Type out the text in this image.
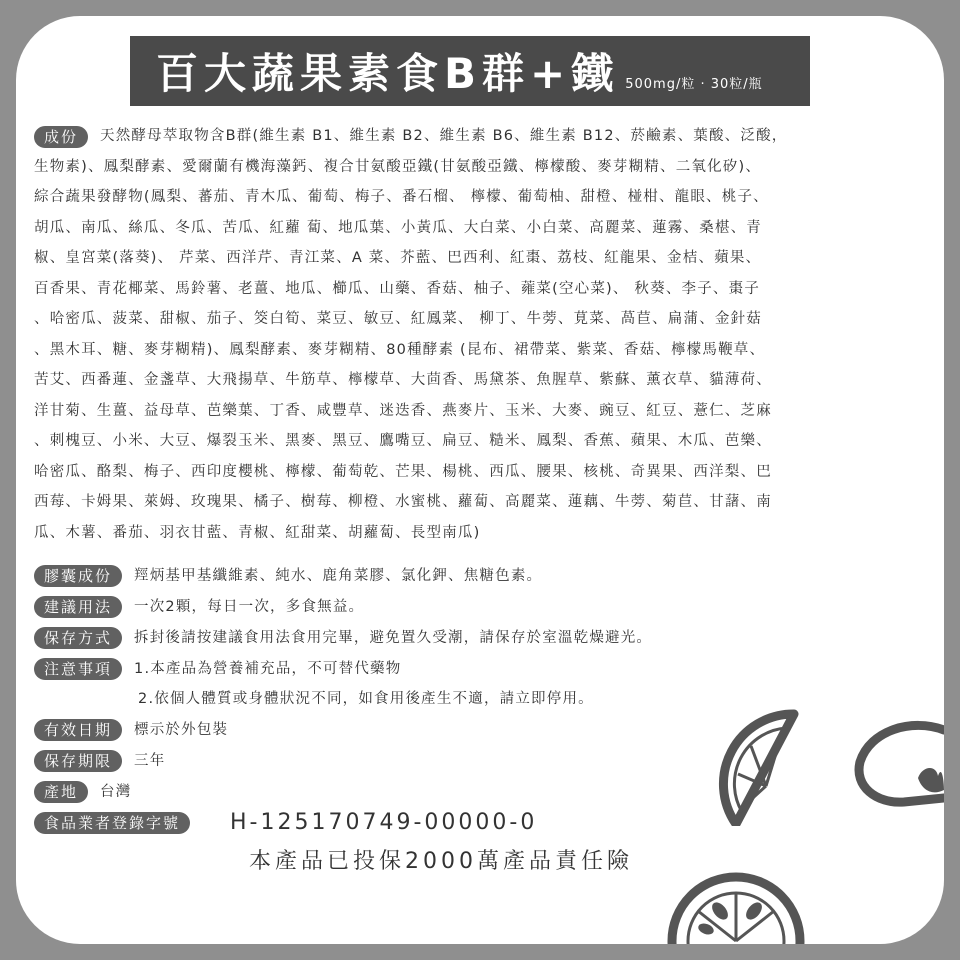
百大蔬果素食B群+鐵 500mg/粒 · 30粒/瓶
成份	天然酵母萃取物含B群(維生素 B1、維生素 B2、維生素 B6、維生素 B12、菸鹼素、葉酸、泛酸，
生物素)、鳳梨酵素、愛爾蘭有機海藻鈣、複合甘氨酸亞鐵(甘氨酸亞鐵、檸檬酸、麥芽糊精、二氧化矽)、
綜合蔬果發酵物(鳳梨、蕃茄、青木瓜、葡萄、梅子、番石榴、 檸檬、葡萄柚、甜橙、椪柑、龍眼、桃子、
胡瓜、南瓜、絲瓜、冬瓜、苦瓜、紅蘿 蔔、地瓜葉、小黃瓜、大白菜、小白菜、高麗菜、蓮霧、桑椹、青
椒、皇宮菜(落葵)、 芹菜、西洋芹、青江菜、A 菜、芥藍、巴西利、紅棗、荔枝、紅龍果、金桔、蘋果、
百香果、青花椰菜、馬鈴薯、老薑、地瓜、櫛瓜、山藥、香菇、柚子、蕹菜(空心菜)、 秋葵、李子、棗子
、哈密瓜、菠菜、甜椒、茄子、筊白筍、菜豆、敏豆、紅鳳菜、 柳丁、牛蒡、莧菜、萵苣、扁蒲、金針菇
、黑木耳、糖、麥芽糊精)、鳳梨酵素、麥芽糊精、80種酵素 (昆布、裙帶菜、紫菜、香菇、檸檬馬鞭草、
苦艾、西番蓮、金盞草、大飛揚草、牛筋草、檸檬草、大茴香、馬黛茶、魚腥草、紫蘇、薰衣草、貓薄荷、
洋甘菊、生薑、益母草、芭樂葉、丁香、咸豐草、迷迭香、燕麥片、玉米、大麥、豌豆、紅豆、薏仁、芝麻
、刺槐豆、小米、大豆、爆裂玉米、黑麥、黑豆、鷹嘴豆、扁豆、糙米、鳳梨、香蕉、蘋果、木瓜、芭樂、
哈密瓜、酪梨、梅子、西印度櫻桃、檸檬、葡萄乾、芒果、楊桃、西瓜、腰果、核桃、奇異果、西洋梨、巴
西莓、卡姆果、萊姆、玫瑰果、橘子、樹莓、柳橙、水蜜桃、蘿蔔、高麗菜、蓮藕、牛蒡、菊苣、甘藷、南
瓜、木薯、番茄、羽衣甘藍、青椒、紅甜菜、胡蘿蔔、長型南瓜)
膠囊成份	羥炳基甲基纖維素、純水、鹿角菜膠、氯化鉀、焦糖色素。
建議用法	一次2顆，每日一次，多食無益。
保存方式	拆封後請按建議食用法食用完畢，避免置久受潮，請保存於室溫乾燥避光。
注意事項	1.本產品為營養補充品，不可替代藥物
2.依個人體質或身體狀況不同，如食用後產生不適，請立即停用。
有效日期	標示於外包裝
保存期限	三年
產地	台灣
食品業者登錄字號	H-125170749-00000-0
本產品已投保2000萬產品責任險
